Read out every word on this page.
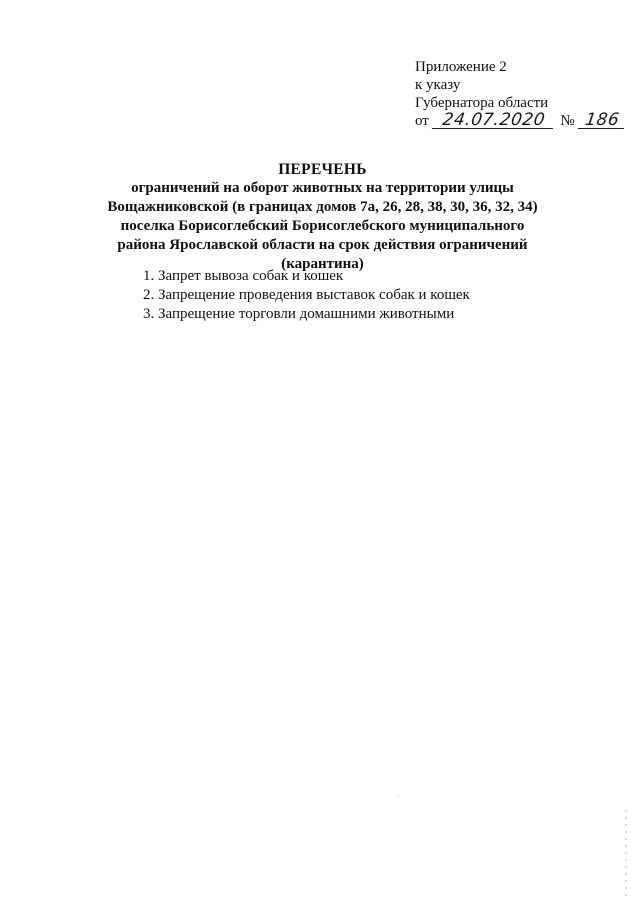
Приложение 2
к указу
Губернатора области
от 24.07.2020 № 186
ПЕРЕЧЕНЬ
ограничений на оборот животных на территории улицы Вощажниковской (в границах домов 7а, 26, 28, 38, 30, 36, 32, 34) поселка Борисоглебский Борисоглебского муниципального района Ярославской области на срок действия ограничений (карантина)
1. Запрет вывоза собак и кошек
2. Запрещение проведения выставок собак и кошек
3. Запрещение торговли домашними животными
